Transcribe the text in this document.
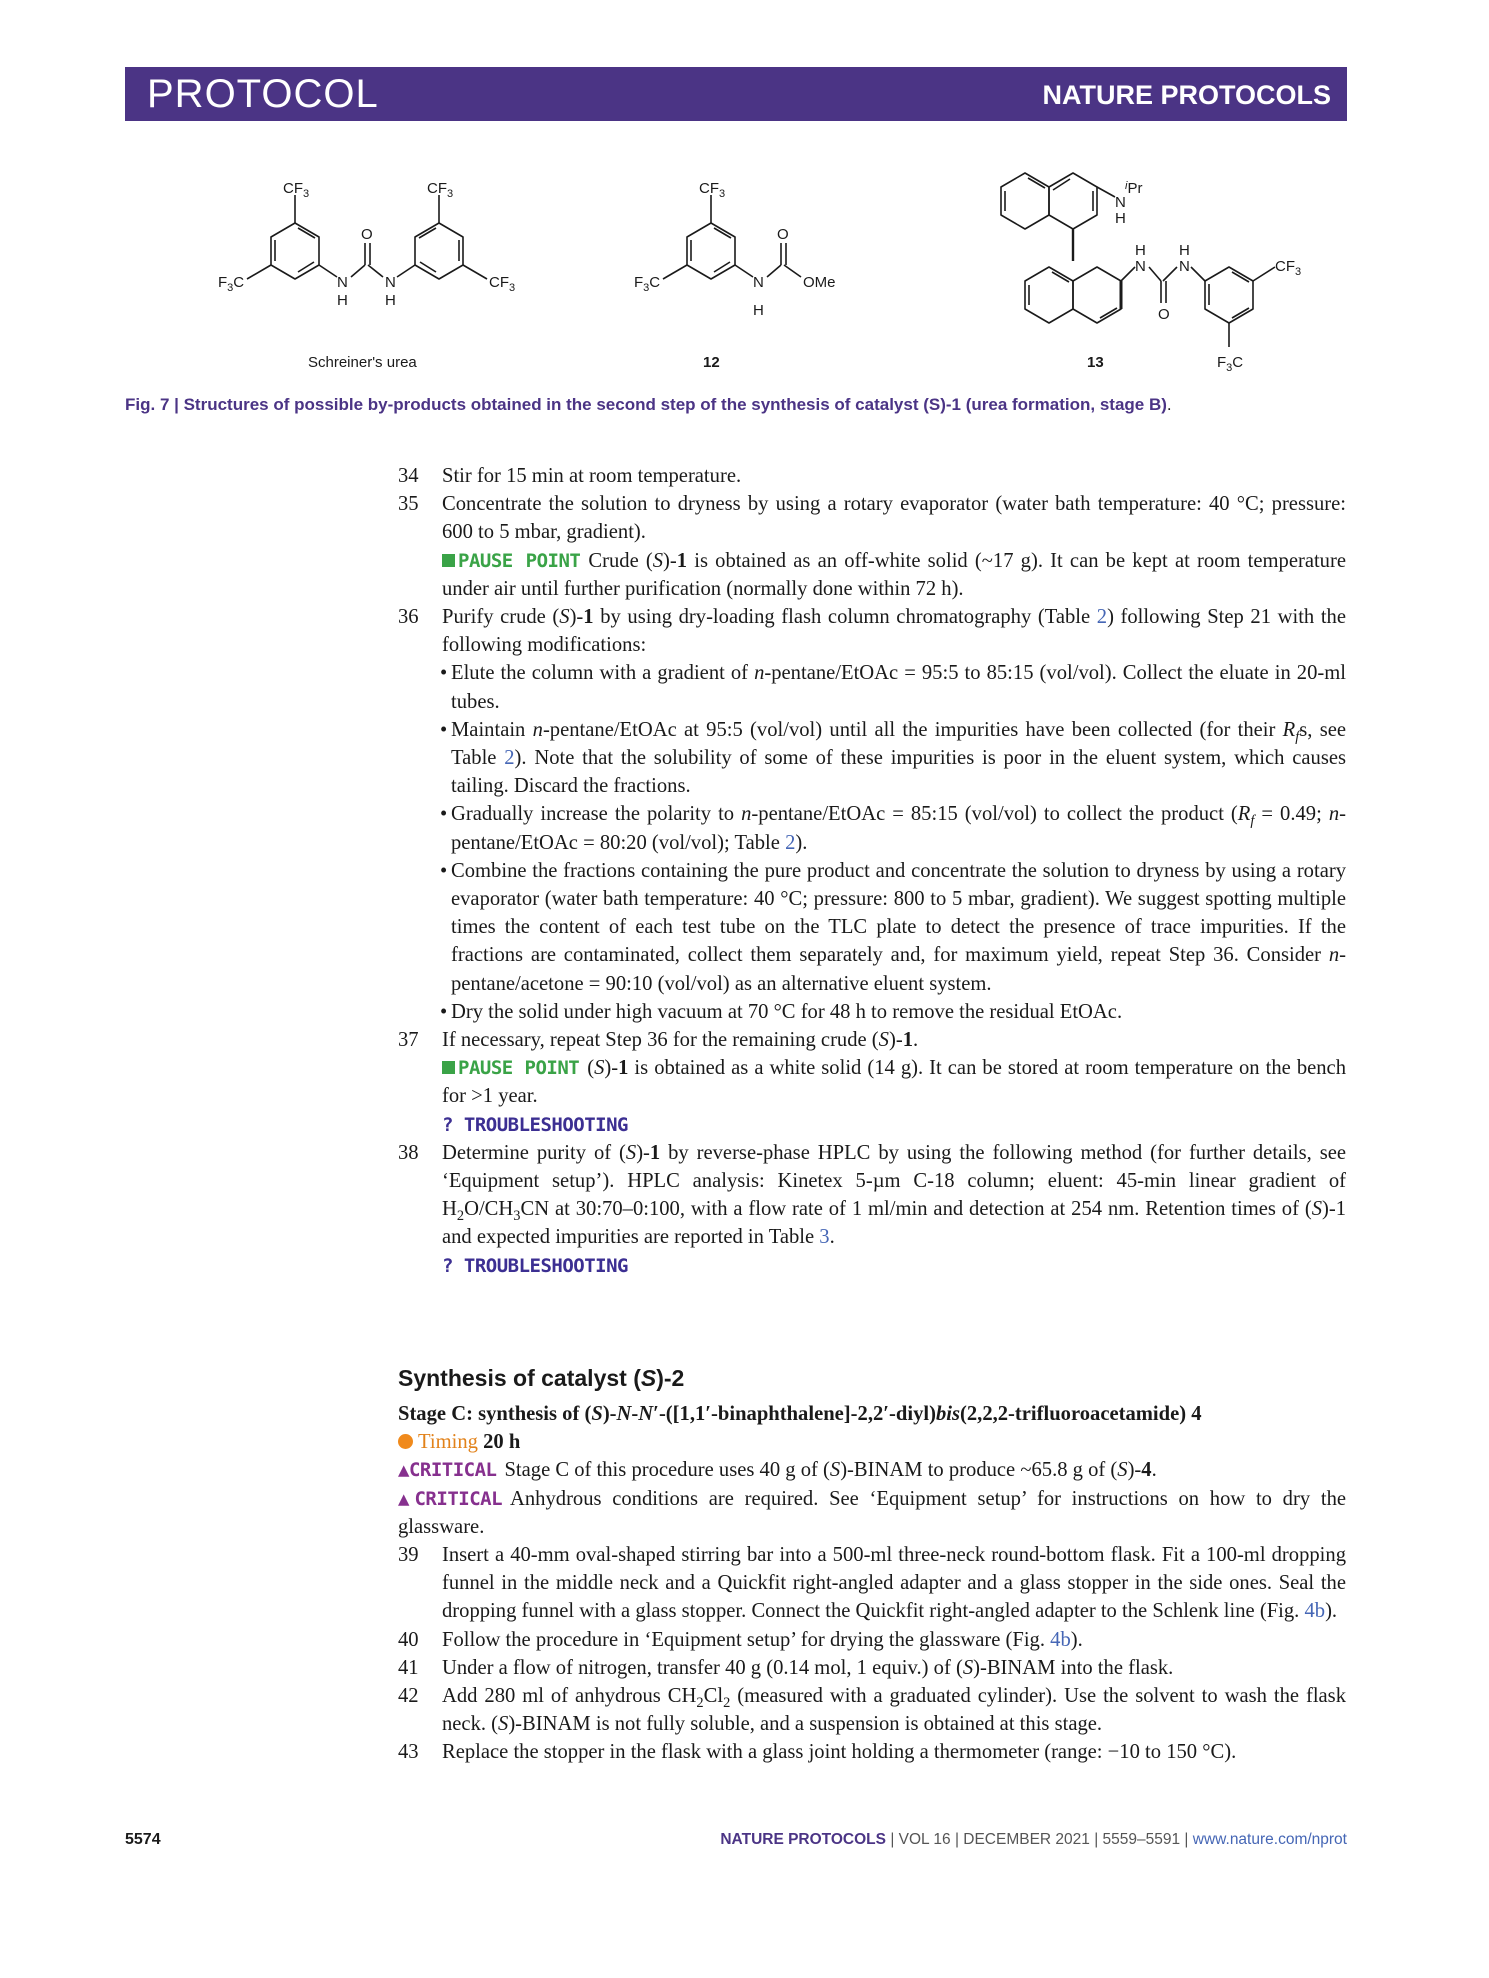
PROTOCOL	NATURE PROTOCOLS
$CF_3$
$F_3C$	N
H
O
N
H
$CF_3$
$CF_3$
$CF_3$
$F_3C$	N
H
O
OMe
N
H
$^i$Pr
H
N
H
N
O
$CF_3$
$F_3C$
Schreiner's urea	12	13
Fig. 7 | Structures of possible by-products obtained in the second step of the synthesis of catalyst (S)-1 (urea formation, stage B).
34 Stir for 15 min at room temperature.
35 Concentrate the solution to dryness by using a rotary evaporator (water bath temperature: 40 °C; pressure: 600 to 5 mbar, gradient).
PAUSE POINT Crude (S)-1 is obtained as an off-white solid (~17 g). It can be kept at room temperature under air until further purification (normally done within 72 h).
36 Purify crude (S)-1 by using dry-loading flash column chromatography (Table 2) following Step 21 with the following modifications:
• Elute the column with a gradient of n-pentane/EtOAc = 95:5 to 85:15 (vol/vol). Collect the eluate in 20-ml tubes.
• Maintain n-pentane/EtOAc at 95:5 (vol/vol) until all the impurities have been collected (for their $R_fs$, see Table 2). Note that the solubility of some of these impurities is poor in the eluent system, which causes tailing. Discard the fractions.
• Gradually increase the polarity to n-pentane/EtOAc = 85:15 (vol/vol) to collect the product ($R_f = 0.49$; n-pentane/EtOAc = 80:20 (vol/vol); Table 2).
• Combine the fractions containing the pure product and concentrate the solution to dryness by using a rotary evaporator (water bath temperature: 40 °C; pressure: 800 to 5 mbar, gradient). We suggest spotting multiple times the content of each test tube on the TLC plate to detect the presence of trace impurities. If the fractions are contaminated, collect them separately and, for maximum yield, repeat Step 36. Consider n-pentane/acetone = 90:10 (vol/vol) as an alternative eluent system.
• Dry the solid under high vacuum at 70 °C for 48 h to remove the residual EtOAc.
37 If necessary, repeat Step 36 for the remaining crude (S)-1.
PAUSE POINT (S)-1 is obtained as a white solid (14 g). It can be stored at room temperature on the bench for >1 year.
? TROUBLESHOOTING
38 Determine purity of (S)-1 by reverse-phase HPLC by using the following method (for further details, see ‘Equipment setup’). HPLC analysis: Kinetex 5-µm C-18 column; eluent: 45-min linear gradient of $H_2O/CH_3CN$ at 30:70–0:100, with a flow rate of 1 ml/min and detection at 254 nm. Retention times of (S)-1 and expected impurities are reported in Table 3.
? TROUBLESHOOTING
Synthesis of catalyst (S)-2
Stage C: synthesis of (S)-N-N′-([1,1′-binaphthalene]-2,2′-diyl)bis(2,2,2-trifluoroacetamide) 4
Timing 20 h
▲CRITICAL Stage C of this procedure uses 40 g of (S)-BINAM to produce ~65.8 g of (S)-4.
▲CRITICAL Anhydrous conditions are required. See ‘Equipment setup’ for instructions on how to dry the glassware.
39 Insert a 40-mm oval-shaped stirring bar into a 500-ml three-neck round-bottom flask. Fit a 100-ml dropping funnel in the middle neck and a Quickfit right-angled adapter and a glass stopper in the side ones. Seal the dropping funnel with a glass stopper. Connect the Quickfit right-angled adapter to the Schlenk line (Fig. 4b).
40 Follow the procedure in ‘Equipment setup’ for drying the glassware (Fig. 4b).
41 Under a flow of nitrogen, transfer 40 g (0.14 mol, 1 equiv.) of (S)-BINAM into the flask.
42 Add 280 ml of anhydrous $CH_2Cl_2$ (measured with a graduated cylinder). Use the solvent to wash the flask neck. (S)-BINAM is not fully soluble, and a suspension is obtained at this stage.
43 Replace the stopper in the flask with a glass joint holding a thermometer (range: −10 to 150 °C).
5574	NATURE PROTOCOLS | VOL 16 | DECEMBER 2021 | 5559–5591 | www.nature.com/nprot
